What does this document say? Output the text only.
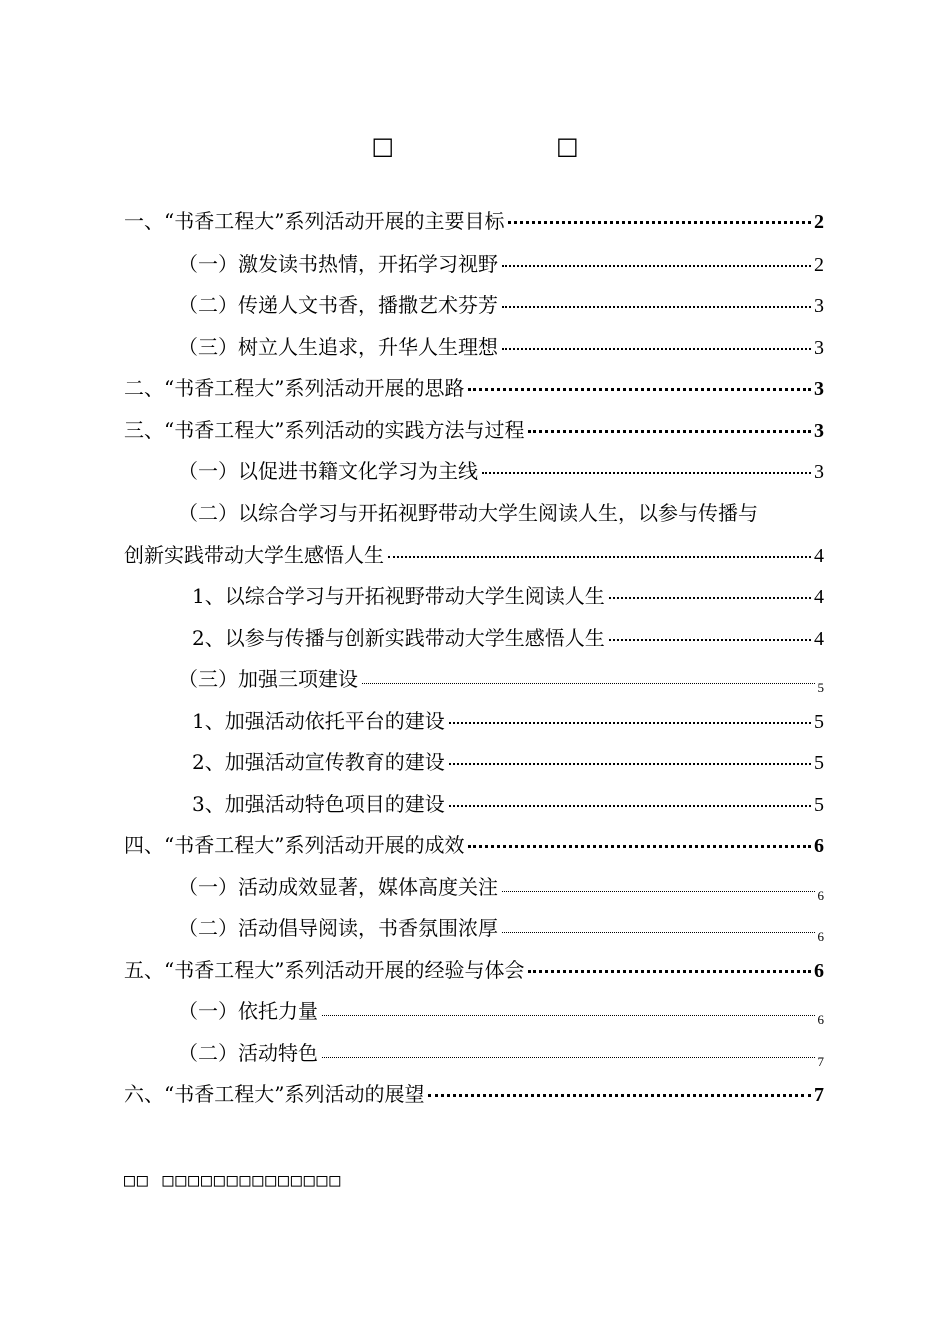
□　　□
一、“书香工程大”系列活动开展的主要目标	2
（一）激发读书热情，开拓学习视野	2
（二）传递人文书香，播撒艺术芬芳	3
（三）树立人生追求，升华人生理想	3
二、“书香工程大”系列活动开展的思路	3
三、“书香工程大”系列活动的实践方法与过程	3
（一）以促进书籍文化学习为主线	3
（二）以综合学习与开拓视野带动大学生阅读人生，以参与传播与
创新实践带动大学生感悟人生	4
1、以综合学习与开拓视野带动大学生阅读人生	4
2、以参与传播与创新实践带动大学生感悟人生	4
（三）加强三项建设	5
1、加强活动依托平台的建设	5
2、加强活动宣传教育的建设	5
3、加强活动特色项目的建设	5
四、“书香工程大”系列活动开展的成效	6
（一）活动成效显著，媒体高度关注	6
（二）活动倡导阅读，书香氛围浓厚	6
五、“书香工程大”系列活动开展的经验与体会	6
（一）依托力量	6
（二）活动特色	7
六、“书香工程大”系列活动的展望	7
□□ □□□□□□□□□□□□□□
